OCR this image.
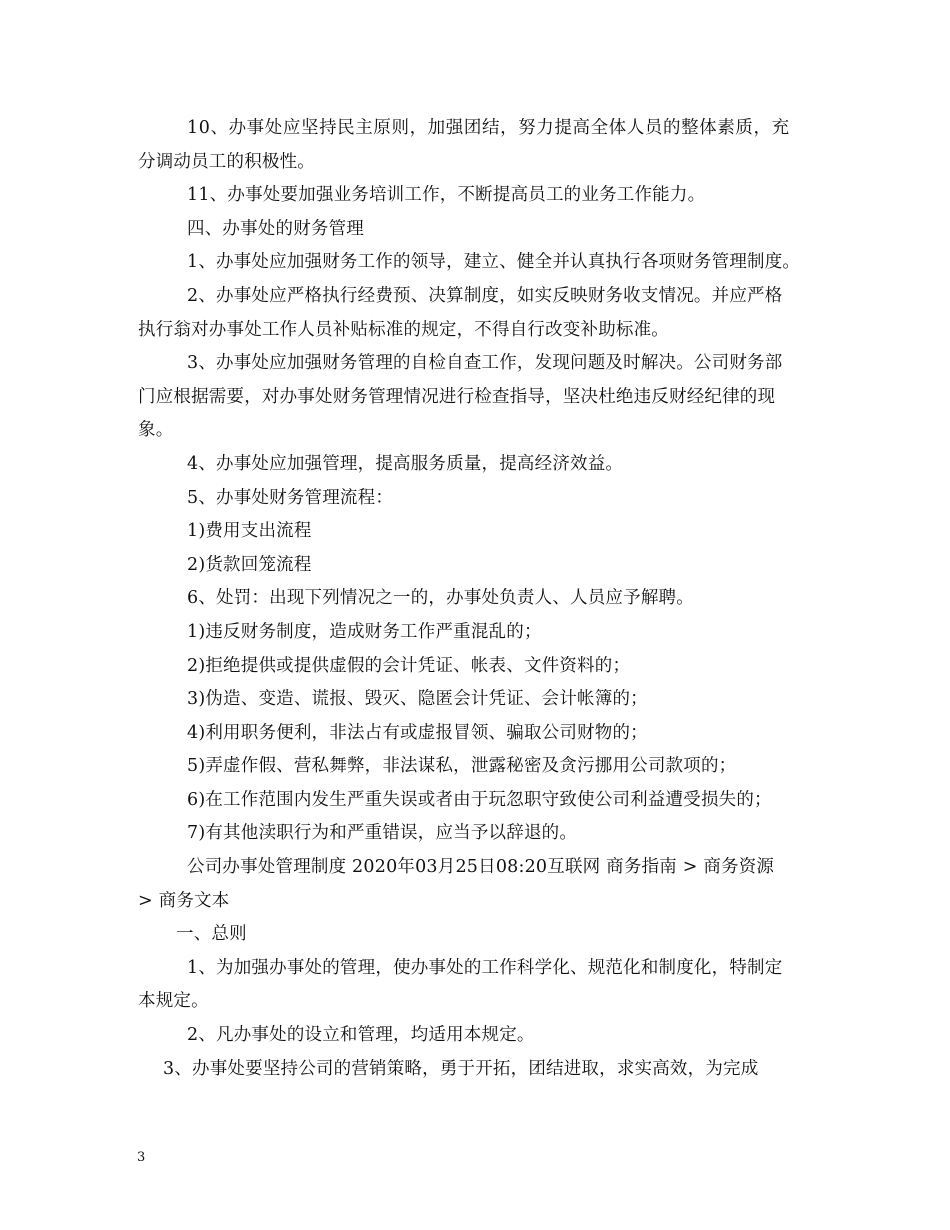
10、办事处应坚持民主原则，加强团结，努力提高全体人员的整体素质，充
分调动员工的积极性。
11、办事处要加强业务培训工作，不断提高员工的业务工作能力。
四、办事处的财务管理
1、办事处应加强财务工作的领导，建立、健全并认真执行各项财务管理制度。
2、办事处应严格执行经费预、决算制度，如实反映财务收支情况。并应严格
执行翁对办事处工作人员补贴标准的规定，不得自行改变补助标准。
3、办事处应加强财务管理的自检自查工作，发现问题及时解决。公司财务部
门应根据需要，对办事处财务管理情况进行检查指导，坚决杜绝违反财经纪律的现
象。
4、办事处应加强管理，提高服务质量，提高经济效益。
5、办事处财务管理流程：
1)费用支出流程
2)货款回笼流程
6、处罚：出现下列情况之一的，办事处负责人、人员应予解聘。
1)违反财务制度，造成财务工作严重混乱的；
2)拒绝提供或提供虚假的会计凭证、帐表、文件资料的；
3)伪造、变造、谎报、毁灭、隐匿会计凭证、会计帐簿的；
4)利用职务便利，非法占有或虚报冒领、骗取公司财物的；
5)弄虚作假、营私舞弊，非法谋私，泄露秘密及贪污挪用公司款项的；
6)在工作范围内发生严重失误或者由于玩忽职守致使公司利益遭受损失的；
7)有其他渎职行为和严重错误，应当予以辞退的。
公司办事处管理制度 2020年03月25日08:20互联网 商务指南 > 商务资源
> 商务文本
一、总则
1、为加强办事处的管理，使办事处的工作科学化、规范化和制度化，特制定
本规定。
2、凡办事处的设立和管理，均适用本规定。
3、办事处要坚持公司的营销策略，勇于开拓，团结进取，求实高效，为完成
3
